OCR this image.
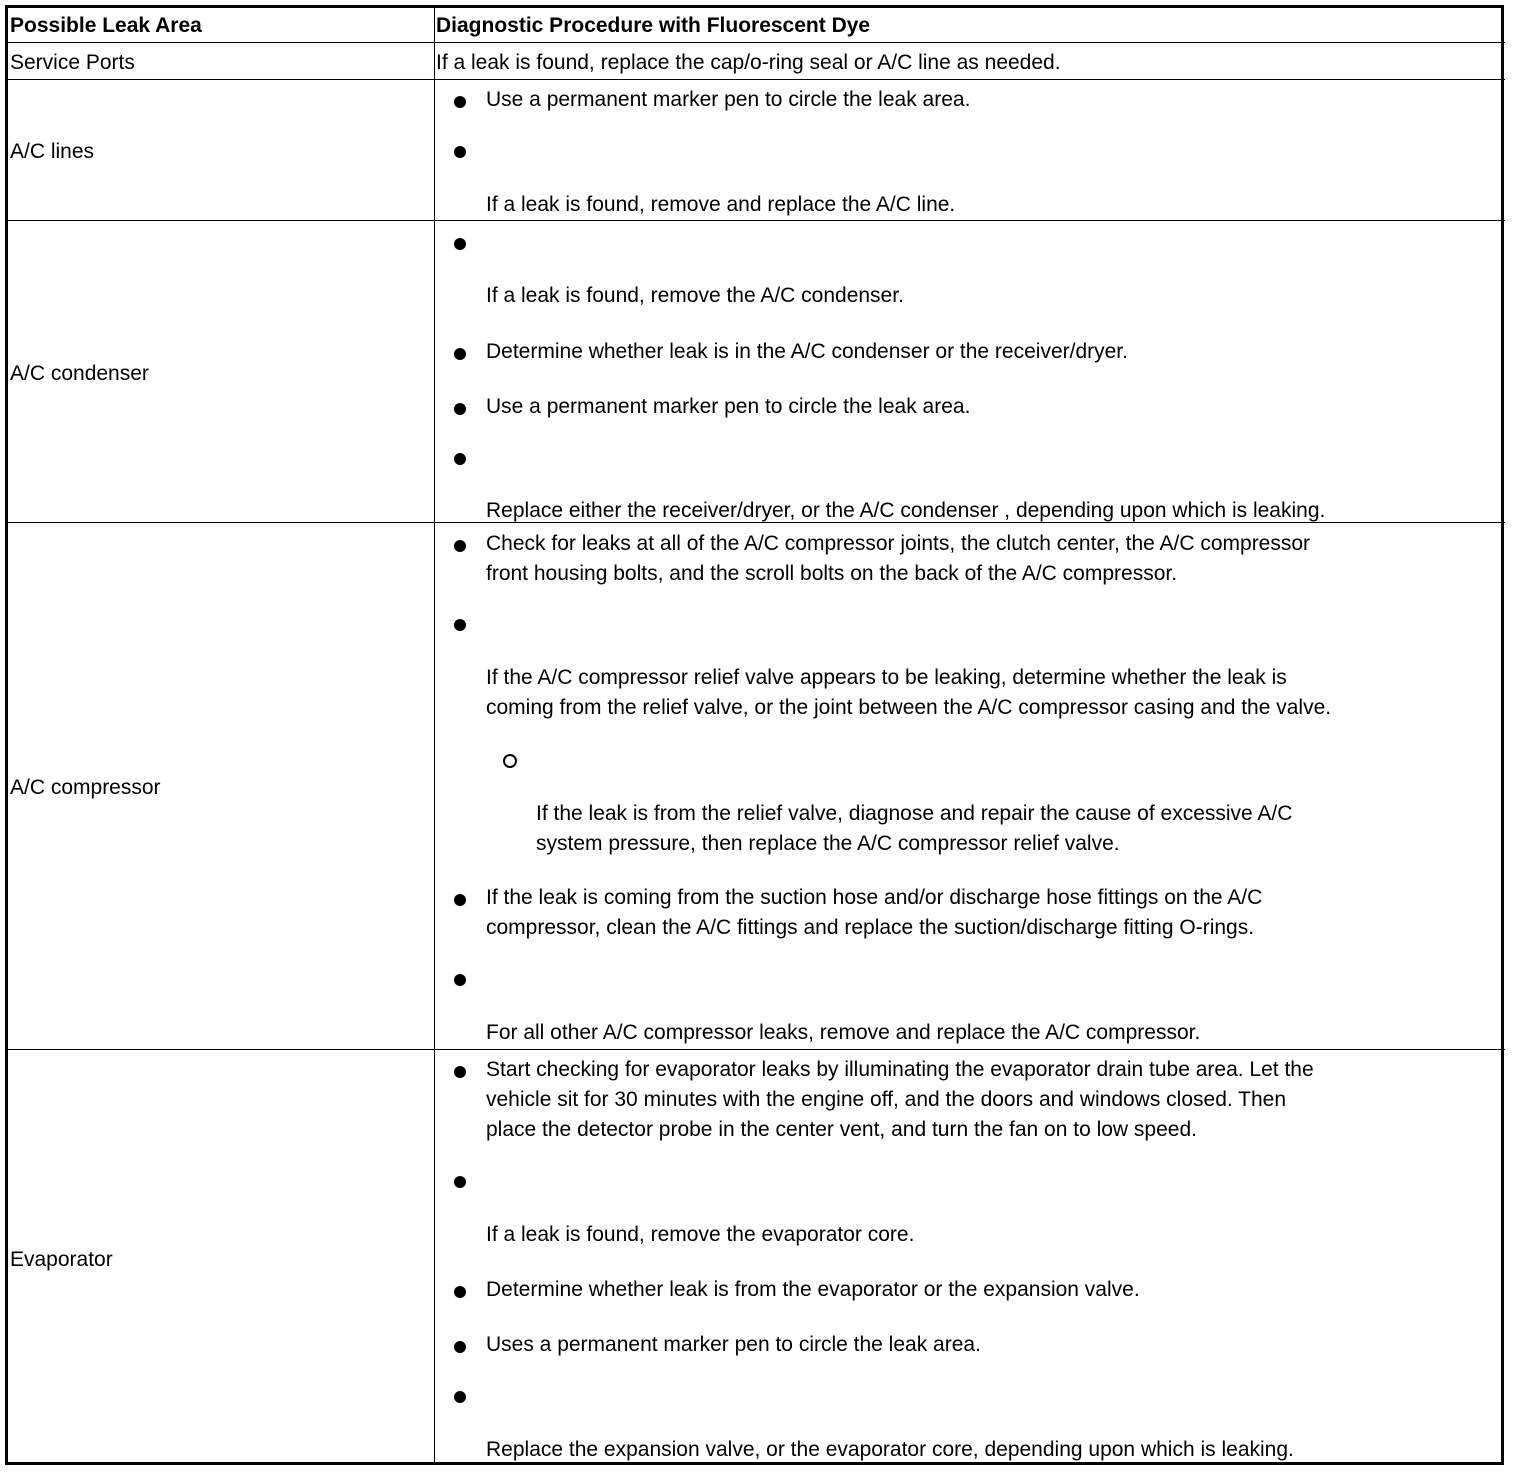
Possible Leak Area	Diagnostic Procedure with Fluorescent Dye
Service Ports	If a leak is found, replace the cap/o-ring seal or A/C line as needed.
A/C lines
Use a permanent marker pen to circle the leak area.
If a leak is found, remove and replace the A/C line.
A/C condenser
If a leak is found, remove the A/C condenser.
Determine whether leak is in the A/C condenser or the receiver/dryer.
Use a permanent marker pen to circle the leak area.
Replace either the receiver/dryer, or the A/C condenser , depending upon which is leaking.
A/C compressor
Check for leaks at all of the A/C compressor joints, the clutch center, the A/C compressor
front housing bolts, and the scroll bolts on the back of the A/C compressor.
If the A/C compressor relief valve appears to be leaking, determine whether the leak is
coming from the relief valve, or the joint between the A/C compressor casing and the valve.
If the leak is from the relief valve, diagnose and repair the cause of excessive A/C
system pressure, then replace the A/C compressor relief valve.
If the leak is coming from the suction hose and/or discharge hose fittings on the A/C
compressor, clean the A/C fittings and replace the suction/discharge fitting O-rings.
For all other A/C compressor leaks, remove and replace the A/C compressor.
Evaporator
Start checking for evaporator leaks by illuminating the evaporator drain tube area. Let the
vehicle sit for 30 minutes with the engine off, and the doors and windows closed. Then
place the detector probe in the center vent, and turn the fan on to low speed.
If a leak is found, remove the evaporator core.
Determine whether leak is from the evaporator or the expansion valve.
Uses a permanent marker pen to circle the leak area.
Replace the expansion valve, or the evaporator core, depending upon which is leaking.
